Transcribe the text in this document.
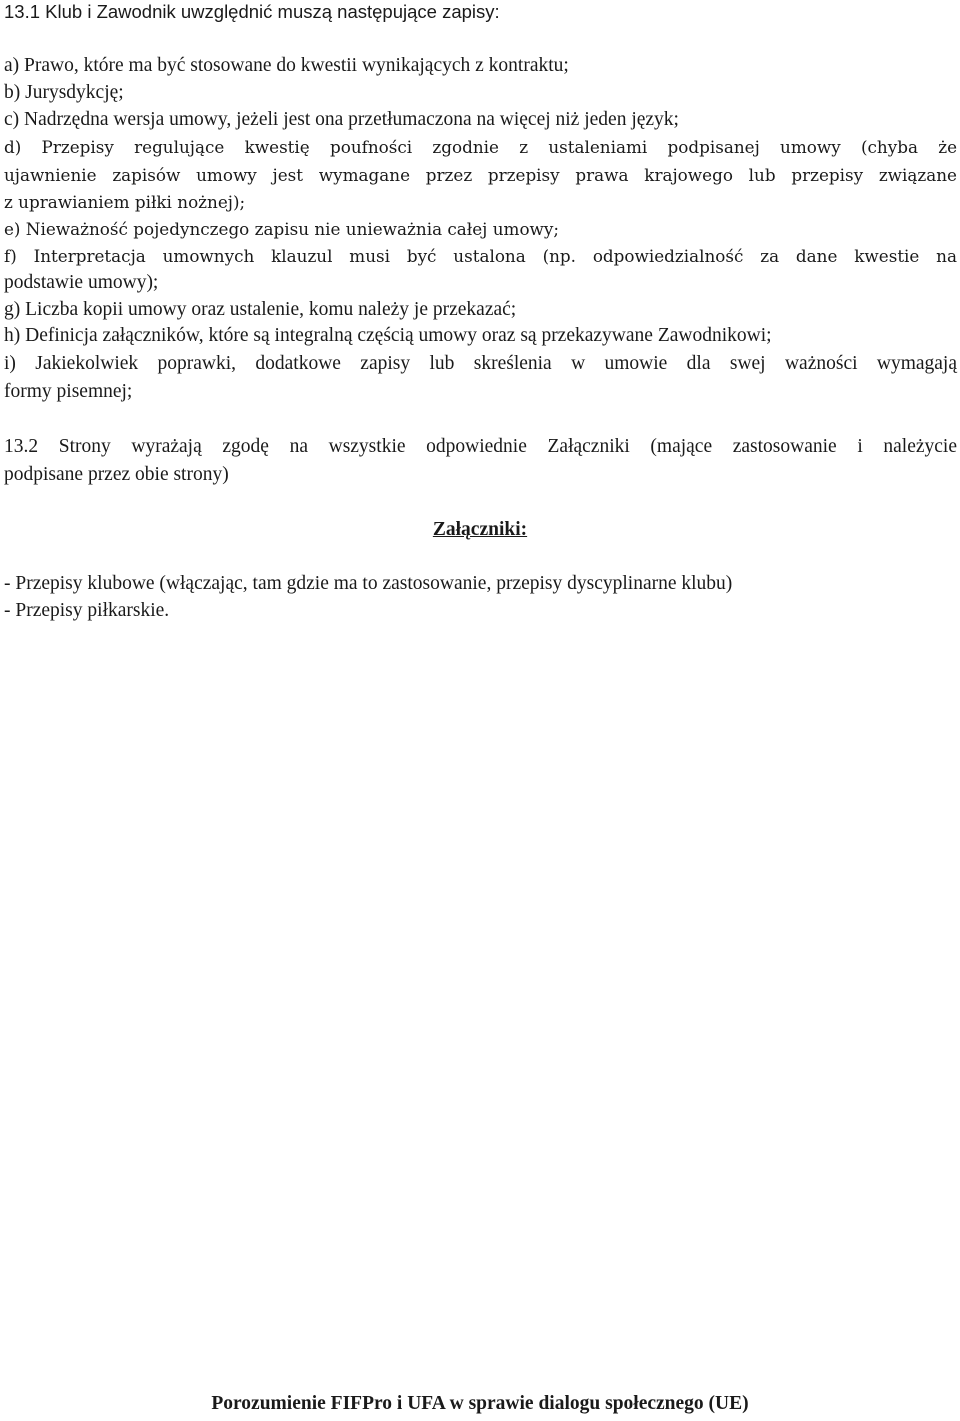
13.1 Klub i Zawodnik uwzględnić muszą następujące zapisy:
a) Prawo, które ma być stosowane do kwestii wynikających z kontraktu;
b) Jurysdykcję;
c) Nadrzędna wersja umowy, jeżeli jest ona przetłumaczona na więcej niż jeden język;
d) Przepisy regulujące kwestię poufności zgodnie z ustaleniami podpisanej umowy (chyba że
ujawnienie zapisów umowy jest wymagane przez przepisy prawa krajowego lub przepisy związane
z uprawianiem piłki nożnej);
e) Nieważność pojedynczego zapisu nie unieważnia całej umowy;
f) Interpretacja umownych klauzul musi być ustalona (np. odpowiedzialność za dane kwestie na
podstawie umowy);
g) Liczba kopii umowy oraz ustalenie, komu należy je przekazać;
h) Definicja załączników, które są integralną częścią umowy oraz są przekazywane Zawodnikowi;
i) Jakiekolwiek poprawki, dodatkowe zapisy lub skreślenia w umowie dla swej ważności wymagają
formy pisemnej;
13.2 Strony wyrażają zgodę na wszystkie odpowiednie Załączniki (mające zastosowanie i należycie
podpisane przez obie strony)
Załączniki:
- Przepisy klubowe (włączając, tam gdzie ma to zastosowanie, przepisy dyscyplinarne klubu)
- Przepisy piłkarskie.
Porozumienie FIFPro i UFA w sprawie dialogu społecznego (UE)
